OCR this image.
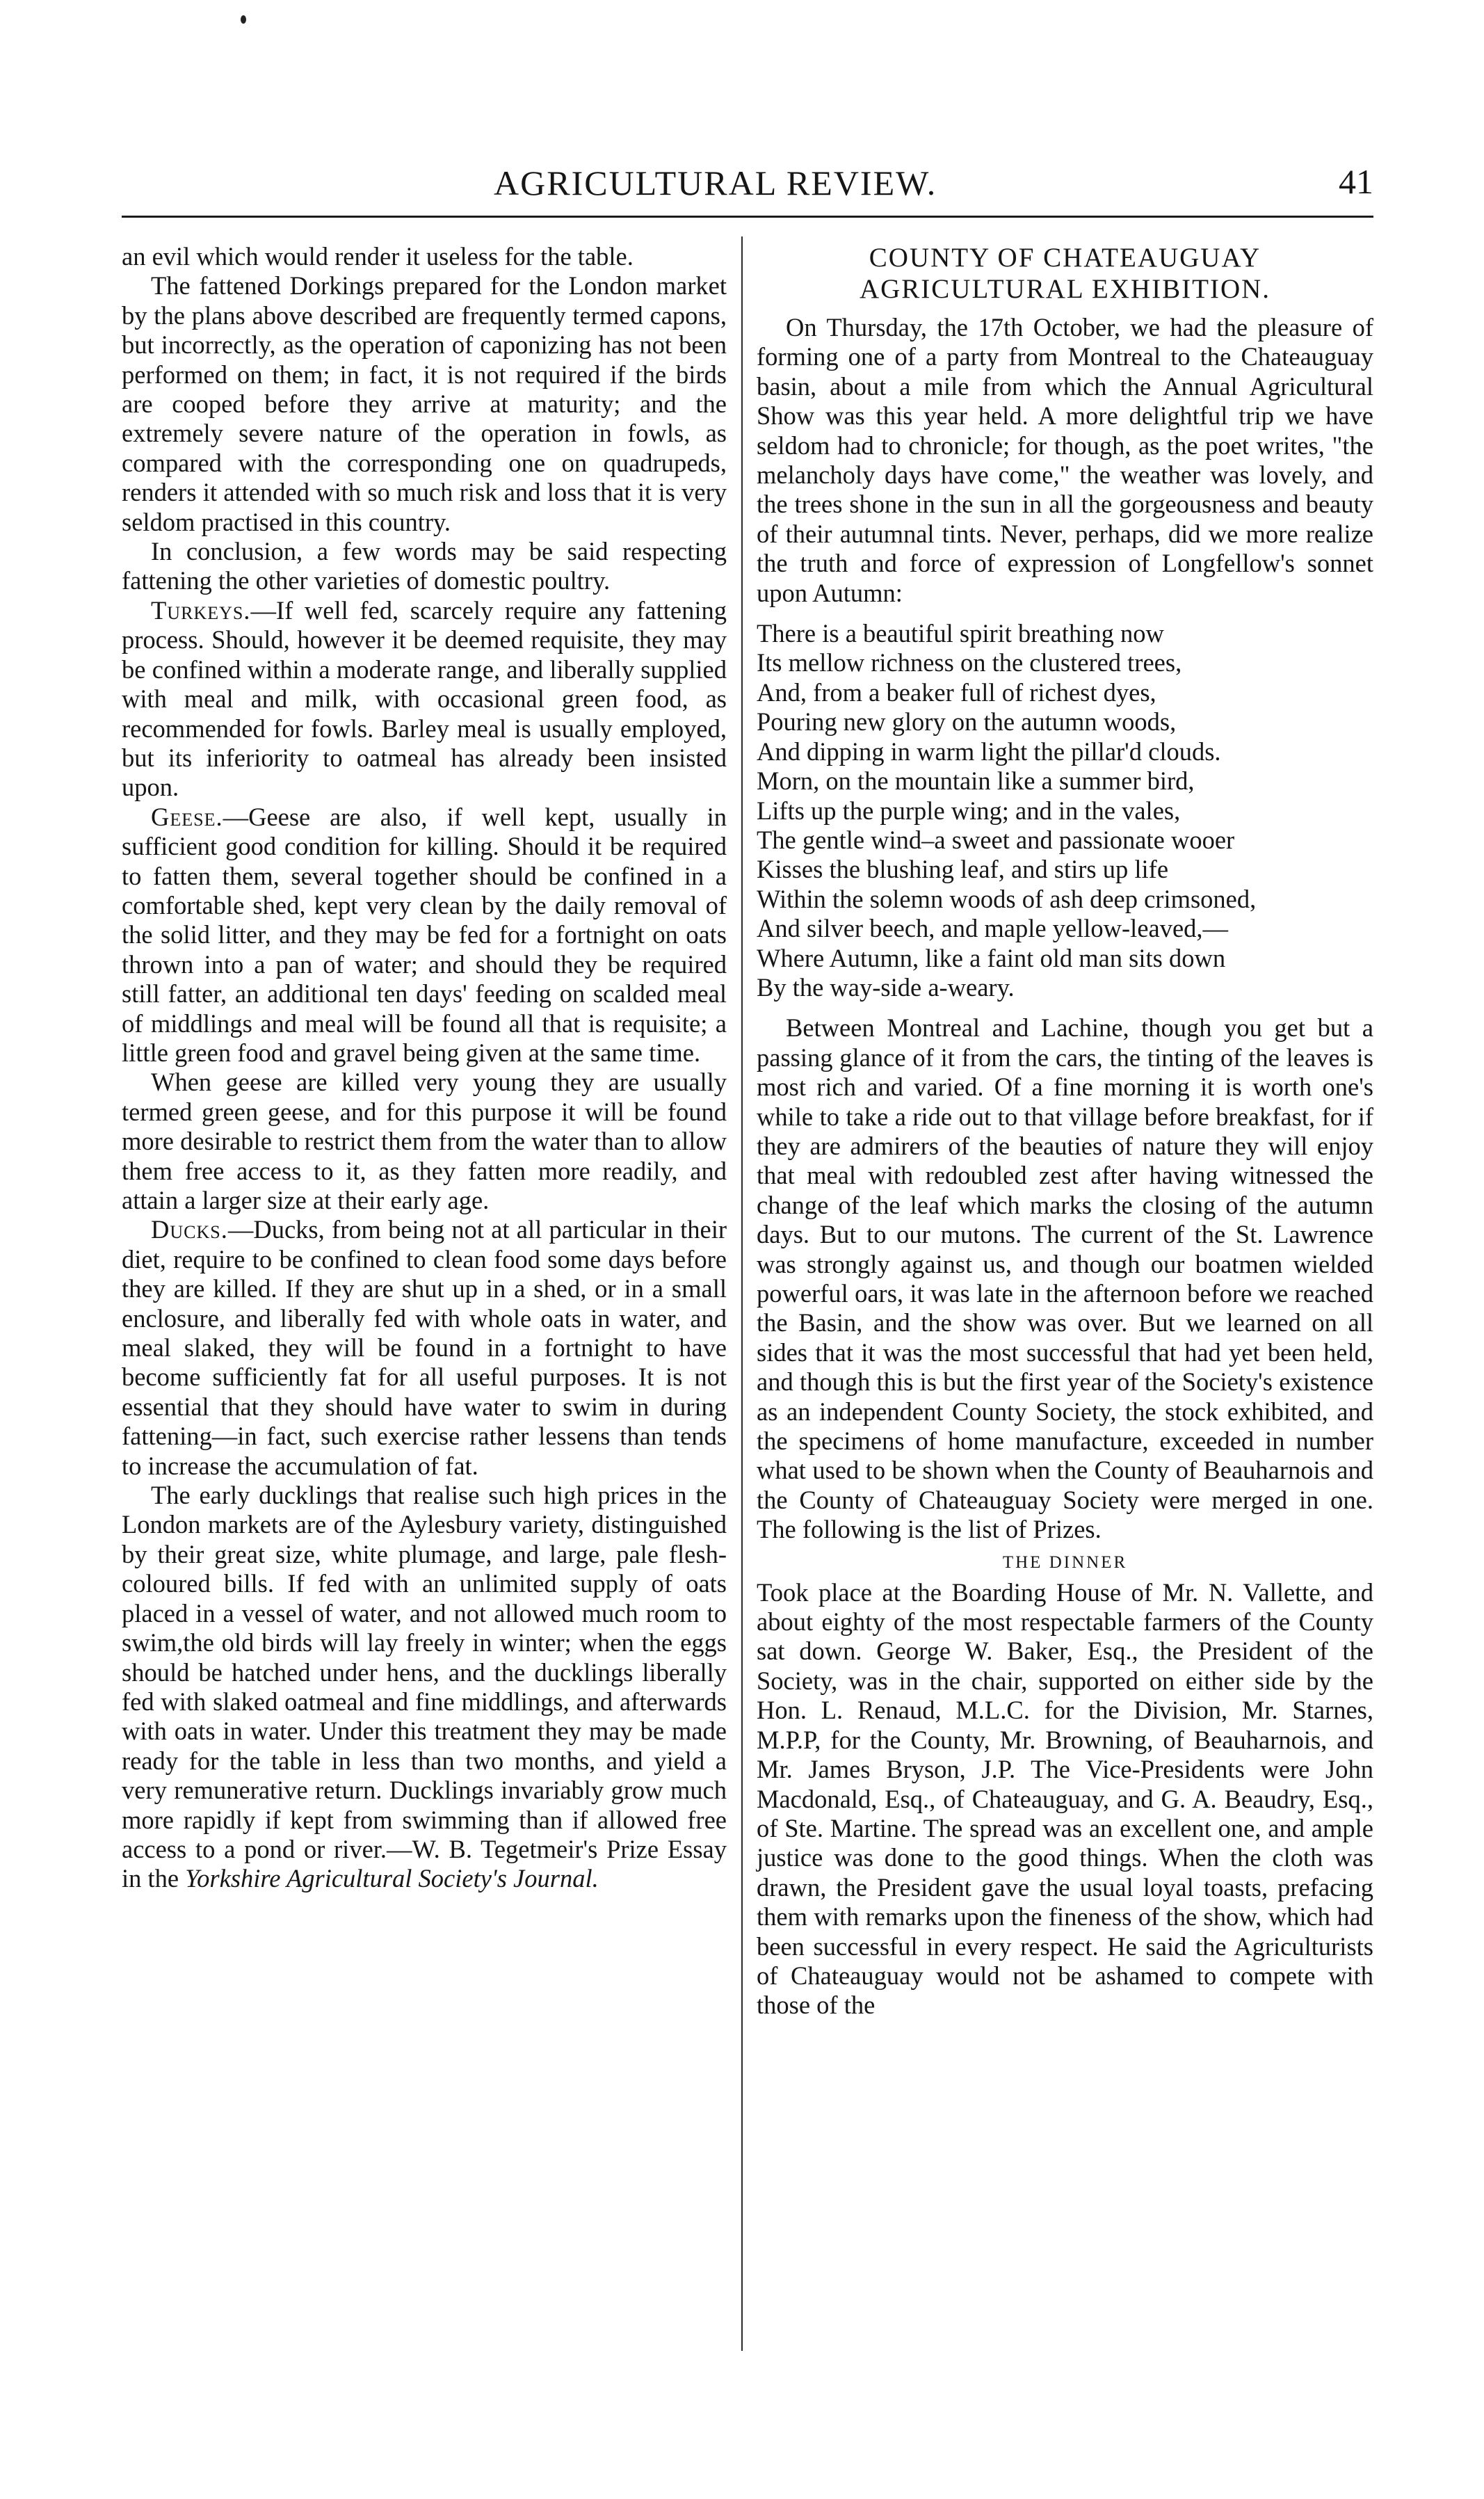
AGRICULTURAL REVIEW.	41

an evil which would render it useless for the table.

The fattened Dorkings prepared for the London market by the plans above described are frequently termed capons, but incorrectly, as the operation of caponizing has not been performed on them; in fact, it is not required if the birds are cooped before they arrive at maturity; and the extremely severe nature of the operation in fowls, as compared with the corresponding one on quadrupeds, renders it attended with so much risk and loss that it is very seldom practised in this country.

In conclusion, a few words may be said respecting fattening the other varieties of domestic poultry.

Turkeys.—If well fed, scarcely require any fattening process. Should, however it be deemed requisite, they may be confined within a moderate range, and liberally supplied with meal and milk, with occasional green food, as recommended for fowls. Barley meal is usually employed, but its inferiority to oatmeal has already been insisted upon.

Geese.—Geese are also, if well kept, usually in sufficient good condition for killing. Should it be required to fatten them, several together should be confined in a comfortable shed, kept very clean by the daily removal of the solid litter, and they may be fed for a fortnight on oats thrown into a pan of water; and should they be required still fatter, an additional ten days' feeding on scalded meal of middlings and meal will be found all that is requisite; a little green food and gravel being given at the same time.

When geese are killed very young they are usually termed green geese, and for this purpose it will be found more desirable to restrict them from the water than to allow them free access to it, as they fatten more readily, and attain a larger size at their early age.

Ducks.—Ducks, from being not at all particular in their diet, require to be confined to clean food some days before they are killed. If they are shut up in a shed, or in a small enclosure, and liberally fed with whole oats in water, and meal slaked, they will be found in a fortnight to have become sufficiently fat for all useful purposes. It is not essential that they should have water to swim in during fattening—in fact, such exercise rather lessens than tends to increase the accumulation of fat.

The early ducklings that realise such high prices in the London markets are of the Aylesbury variety, distinguished by their great size, white plumage, and large, pale flesh-coloured bills. If fed with an unlimited supply of oats placed in a vessel of water, and not allowed much room to swim,the old birds will lay freely in winter; when the eggs should be hatched under hens, and the ducklings liberally fed with slaked oatmeal and fine middlings, and afterwards with oats in water. Under this treatment they may be made ready for the table in less than two months, and yield a very remunerative return. Ducklings invariably grow much more rapidly if kept from swimming than if allowed free access to a pond or river.—W. B. Tegetmeir's Prize Essay in the Yorkshire Agricultural Society's Journal.

COUNTY OF CHATEAUGUAY AGRICULTURAL EXHIBITION.

On Thursday, the 17th October, we had the pleasure of forming one of a party from Montreal to the Chateauguay basin, about a mile from which the Annual Agricultural Show was this year held. A more delightful trip we have seldom had to chronicle; for though, as the poet writes, "the melancholy days have come," the weather was lovely, and the trees shone in the sun in all the gorgeousness and beauty of their autumnal tints. Never, perhaps, did we more realize the truth and force of expression of Longfellow's sonnet upon Autumn:

There is a beautiful spirit breathing now
Its mellow richness on the clustered trees,
And, from a beaker full of richest dyes,
Pouring new glory on the autumn woods,
And dipping in warm light the pillar'd clouds.
Morn, on the mountain like a summer bird,
Lifts up the purple wing; and in the vales,
The gentle wind–a sweet and passionate wooer
Kisses the blushing leaf, and stirs up life
Within the solemn woods of ash deep crimsoned,
And silver beech, and maple yellow-leaved,—
Where Autumn, like a faint old man sits down
By the way-side a-weary.

Between Montreal and Lachine, though you get but a passing glance of it from the cars, the tinting of the leaves is most rich and varied. Of a fine morning it is worth one's while to take a ride out to that village before breakfast, for if they are admirers of the beauties of nature they will enjoy that meal with redoubled zest after having witnessed the change of the leaf which marks the closing of the autumn days. But to our mutons. The current of the St. Lawrence was strongly against us, and though our boatmen wielded powerful oars, it was late in the afternoon before we reached the Basin, and the show was over. But we learned on all sides that it was the most successful that had yet been held, and though this is but the first year of the Society's existence as an independent County Society, the stock exhibited, and the specimens of home manufacture, exceeded in number what used to be shown when the County of Beauharnois and the County of Chateauguay Society were merged in one. The following is the list of Prizes.

THE DINNER

Took place at the Boarding House of Mr. N. Vallette, and about eighty of the most respectable farmers of the County sat down. George W. Baker, Esq., the President of the Society, was in the chair, supported on either side by the Hon. L. Renaud, M.L.C. for the Division, Mr. Starnes, M.P.P, for the County, Mr. Browning, of Beauharnois, and Mr. James Bryson, J.P. The Vice-Presidents were John Macdonald, Esq., of Chateauguay, and G. A. Beaudry, Esq., of Ste. Martine. The spread was an excellent one, and ample justice was done to the good things. When the cloth was drawn, the President gave the usual loyal toasts, prefacing them with remarks upon the fineness of the show, which had been successful in every respect. He said the Agriculturists of Chateauguay would not be ashamed to compete with those of the
